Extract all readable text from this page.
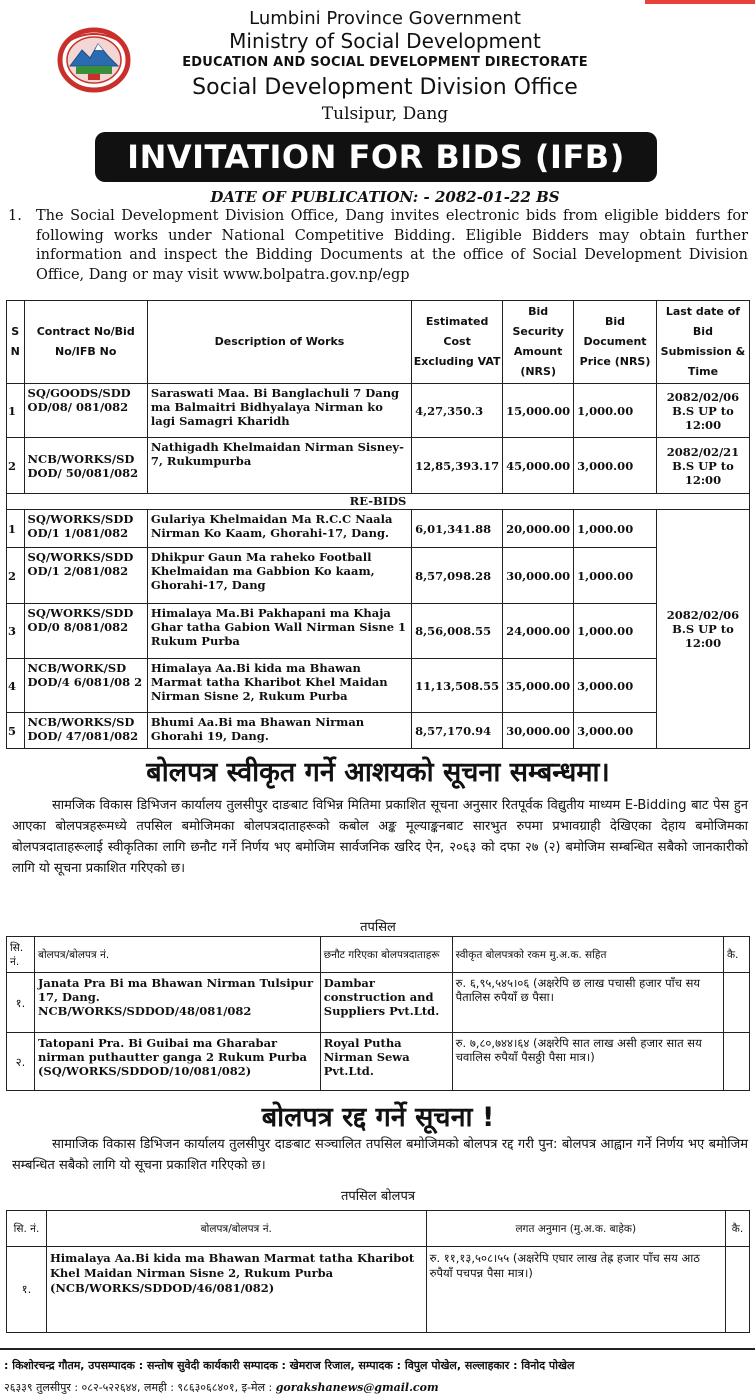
Lumbini Province Government
Ministry of Social Development
EDUCATION AND SOCIAL DEVELOPMENT DIRECTORATE
Social Development Division Office
Tulsipur, Dang
INVITATION FOR BIDS (IFB)
DATE OF PUBLICATION: - 2082-01-22 BS
1. The Social Development Division Office, Dang invites electronic bids from eligible bidders for following works under National Competitive Bidding. Eligible Bidders may obtain further information and inspect the Bidding Documents at the office of Social Development Division Office, Dang or may visit www.bolpatra.gov.np/egp
S N	Contract No/Bid No/IFB No	Description of Works	Estimated Cost Excluding VAT	Bid Security Amount (NRS)	Bid Document Price (NRS)	Last date of Bid Submission & Time
1	SQ/GOODS/SDD OD/08/ 081/082	Saraswati Maa. Bi Banglachuli 7 Dang ma Balmaitri Bidhyalaya Nirman ko lagi Samagri Kharidh	4,27,350.3	15,000.00	1,000.00	2082/02/06 B.S UP to 12:00
2	NCB/WORKS/SD DOD/ 50/081/082	Nathigadh Khelmaidan Nirman Sisney-7, Rukumpurba	12,85,393.17	45,000.00	3,000.00	2082/02/21 B.S UP to 12:00
RE-BIDS						
1	SQ/WORKS/SDD OD/1 1/081/082	Gulariya Khelmaidan Ma R.C.C Naala Nirman Ko Kaam, Ghorahi-17, Dang.	6,01,341.88	20,000.00	1,000.00	2082/02/06 B.S UP to 12:00
2	SQ/WORKS/SDD OD/1 2/081/082	Dhikpur Gaun Ma raheko Football Khelmaidan ma Gabbion Ko kaam, Ghorahi-17, Dang	8,57,098.28	30,000.00	1,000.00	
3	SQ/WORKS/SDD OD/0 8/081/082	Himalaya Ma.Bi Pakhapani ma Khaja Ghar tatha Gabion Wall Nirman Sisne 1 Rukum Purba	8,56,008.55	24,000.00	1,000.00	
4	NCB/WORK/SD DOD/4 6/081/08 2	Himalaya Aa.Bi kida ma Bhawan Marmat tatha Kharibot Khel Maidan Nirman Sisne 2, Rukum Purba	11,13,508.55	35,000.00	3,000.00	
5	NCB/WORKS/SD DOD/ 47/081/082	Bhumi Aa.Bi ma Bhawan Nirman Ghorahi 19, Dang.	8,57,170.94	30,000.00	3,000.00	
बोलपत्र स्वीकृत गर्ने आशयको सूचना सम्बन्धमा।
सामजिक विकास डिभिजन कार्यालय तुलसीपुर दाङबाट विभिन्न मितिमा प्रकाशित सूचना अनुसार रितपूर्वक विद्युतीय माध्यम E-Bidding बाट पेस हुन आएका बोलपत्रहरूमध्ये तपसिल बमोजिमका बोलपत्रदाताहरूको कबोल अङ्क मूल्याङ्कनबाट सारभुत रुपमा प्रभावग्राही देखिएका देहाय बमोजिमका बोलपत्रदाताहरूलाई स्वीकृतिका लागि छनौट गर्ने निर्णय भए बमोजिम सार्वजनिक खरिद ऐन, २०६३ को दफा २७ (२) बमोजिम सम्बन्धित सबैको जानकारीको लागि यो सूचना प्रकाशित गरिएको छ।
तपसिल
सि. नं.	बोलपत्र/बोलपत्र नं.	छनौट गरिएका बोलपत्रदाताहरू	स्वीकृत बोलपत्रको रकम मु.अ.क. सहित	कै.
१.	Janata Pra Bi ma Bhawan Nirman Tulsipur 17, Dang. NCB/WORKS/SDDOD/48/081/082	Dambar construction and Suppliers Pvt.Ltd.	रु. ६,९५,५४५।०६ (अक्षरेपि छ लाख पचासी हजार पाँच सय पैतालिस रुपैयाँ छ पैसा।	
२.	Tatopani Pra. Bi Guibai ma Gharabar nirman puthautter ganga 2 Rukum Purba (SQ/WORKS/SDDOD/10/081/082)	Royal Putha Nirman Sewa Pvt.Ltd.	रु. ७,८०,७४४।६४ (अक्षरेपि सात लाख असी हजार सात सय चवालिस रुपैयाँ पैसठ्ठी पैसा मात्र।)	
बोलपत्र रद्द गर्ने सूचना !
सामाजिक विकास डिभिजन कार्यालय तुलसीपुर दाङबाट सञ्चालित तपसिल बमोजिमको बोलपत्र रद्द गरी पुन: बोलपत्र आह्वान गर्ने निर्णय भए बमोजिम सम्बन्धित सबैको लागि यो सूचना प्रकाशित गरिएको छ।
तपसिल बोलपत्र
सि. नं.	बोलपत्र/बोलपत्र नं.	लगत अनुमान (मु.अ.क. बाहेक)	कै.
१.	Himalaya Aa.Bi kida ma Bhawan Marmat tatha Kharibot Khel Maidan Nirman Sisne 2, Rukum Purba (NCB/WORKS/SDDOD/46/081/082)	रु. ११,१३,५०८।५५ (अक्षरेपि एघार लाख तेह्र हजार पाँच सय आठ रुपैयाँ पचपन्न पैसा मात्र।)	
: किशोरचन्द्र गौतम, उपसम्पादक : सन्तोष सुवेदी कार्यकारी सम्पादक : खेमराज रिजाल, सम्पादक : विपुल पोखेल, सल्लाहकार : विनोद पोखेल
२६३३९ तुलसीपुर : ०८२-५२२६४४, लमही : ९८६३०६८४०१, इ-मेल : gorakshanews@gmail.com
